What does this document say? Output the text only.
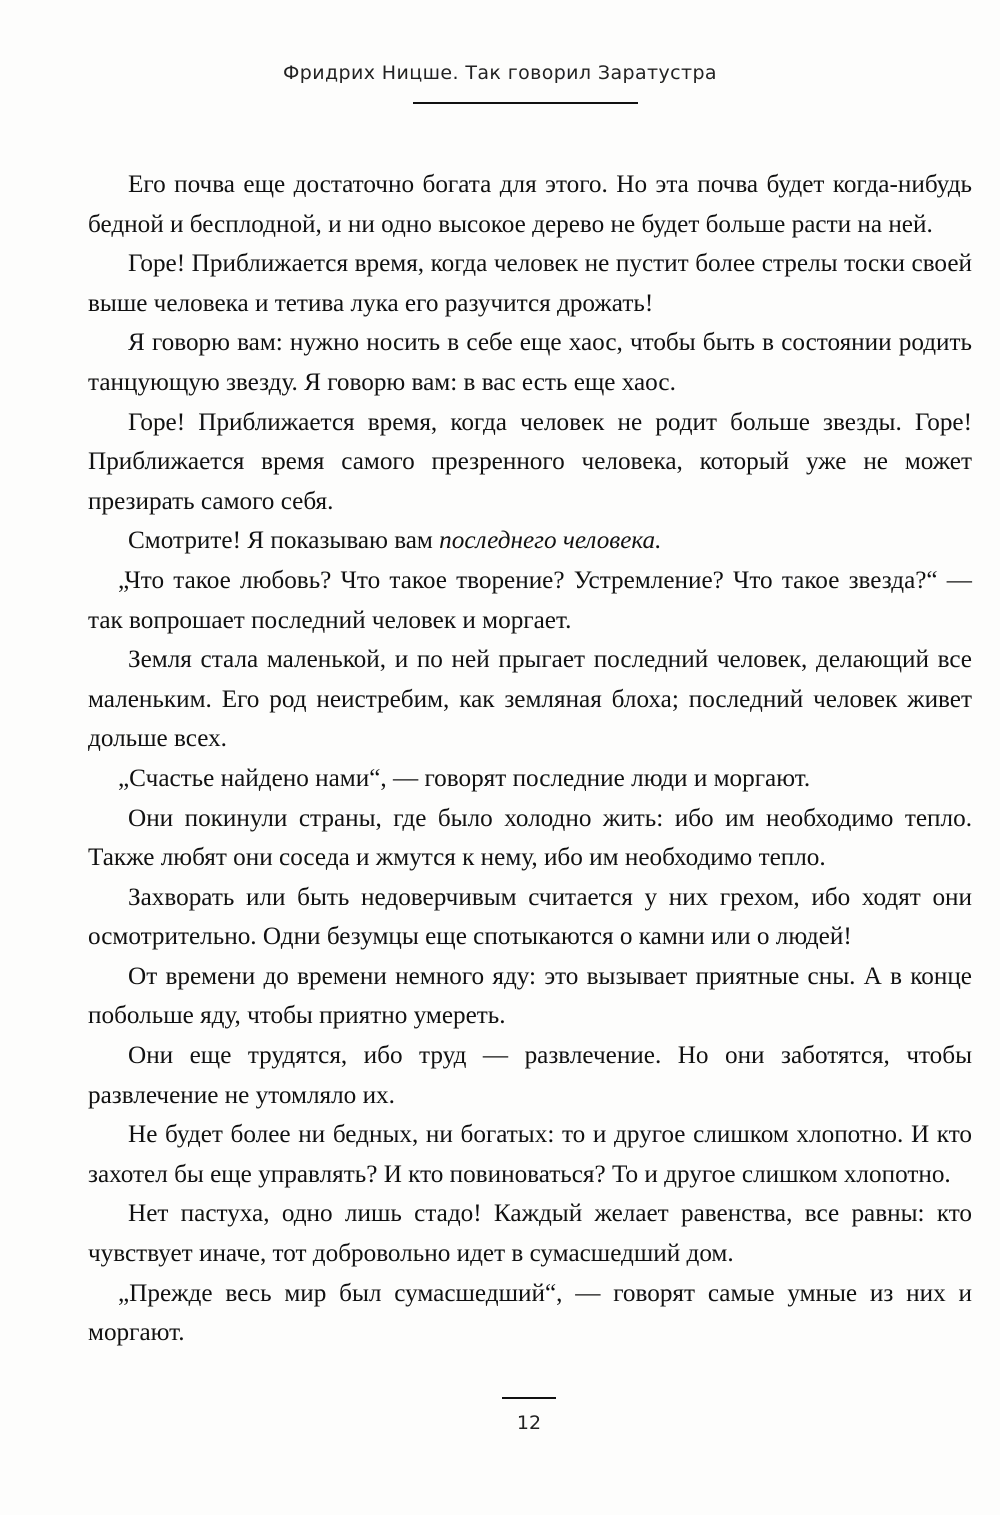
Фридрих Ницше. Так говорил Заратустра

Его почва еще достаточно богата для этого. Но эта почва будет когда-нибудь бедной и бесплодной, и ни одно высокое дерево не будет больше расти на ней.

Горе! Приближается время, когда человек не пустит более стрелы тоски своей выше человека и тетива лука его разучится дрожать!

Я говорю вам: нужно носить в себе еще хаос, чтобы быть в состоянии родить танцующую звезду. Я говорю вам: в вас есть еще хаос.

Горе! Приближается время, когда человек не родит больше звезды. Горе! Приближается время самого презренного человека, который уже не может презирать самого себя.

Смотрите! Я показываю вам последнего человека.

„Что такое любовь? Что такое творение? Устремление? Что такое звезда?“ — так вопрошает последний человек и моргает.

Земля стала маленькой, и по ней прыгает последний человек, делающий все маленьким. Его род неистребим, как земляная блоха; последний человек живет дольше всех.

„Счастье найдено нами“, — говорят последние люди и моргают.

Они покинули страны, где было холодно жить: ибо им необходимо тепло. Также любят они соседа и жмутся к нему, ибо им необходимо тепло.

Захворать или быть недоверчивым считается у них грехом, ибо ходят они осмотрительно. Одни безумцы еще спотыкаются о камни или о людей!

От времени до времени немного яду: это вызывает приятные сны. А в конце побольше яду, чтобы приятно умереть.

Они еще трудятся, ибо труд — развлечение. Но они заботятся, чтобы развлечение не утомляло их.

Не будет более ни бедных, ни богатых: то и другое слишком хлопотно. И кто захотел бы еще управлять? И кто повиноваться? То и другое слишком хлопотно.

Нет пастуха, одно лишь стадо! Каждый желает равенства, все равны: кто чувствует иначе, тот добровольно идет в сумасшедший дом.

„Прежде весь мир был сумасшедший“, — говорят самые умные из них и моргают.

12
